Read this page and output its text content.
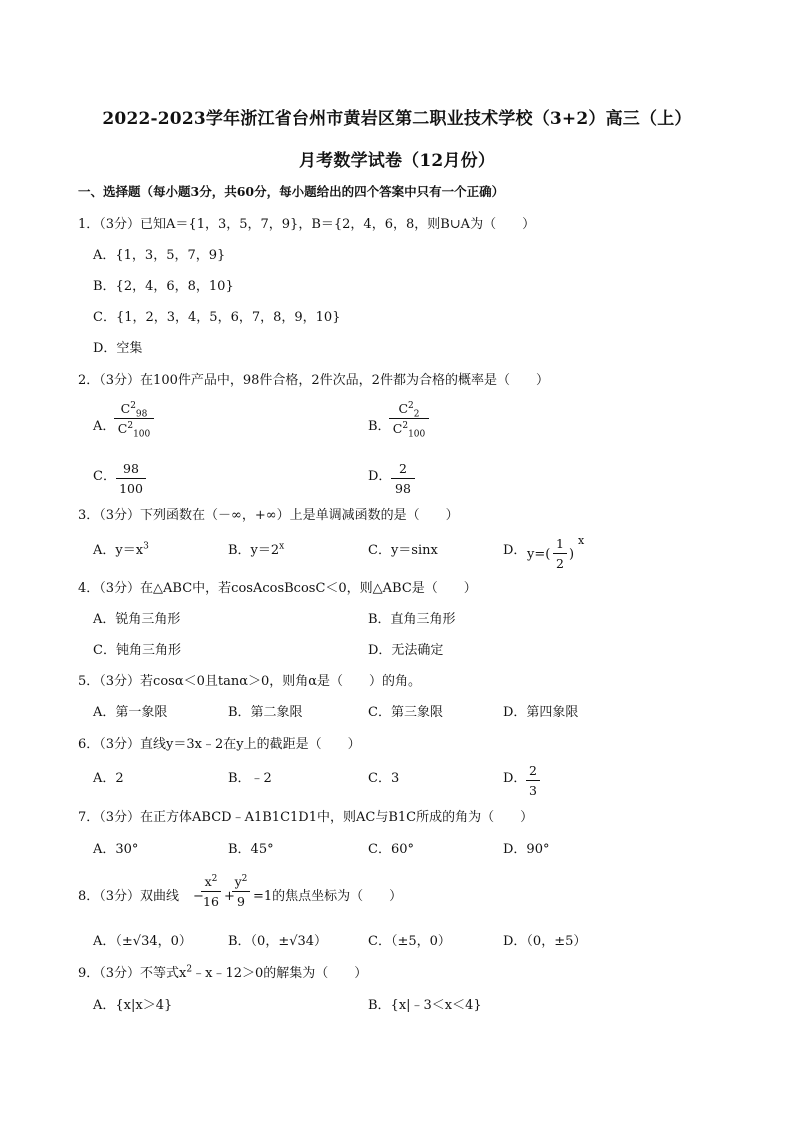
2022-2023学年浙江省台州市黄岩区第二职业技术学校（3+2）高三（上）
月考数学试卷（12月份）
一、选择题（每小题3分，共60分，每小题给出的四个答案中只有一个正确）
1．（3分）已知A＝{1，3，5，7，9}，B＝{2，4，6，8，则B∪A为（　　）
A．{1，3，5，7，9}
B．{2，4，6，8，10}
C．{1，2，3，4，5，6，7，8，9，10}
D．空集
2．（3分）在100件产品中，98件合格，2件次品，2件都为合格的概率是（　　）
A．
$C^2_{98}$
$C^2_{100}$
B．
$C^2_2$
$C^2_{100}$
C．
98
100
D．
2
98
3．（3分）下列函数在（－∞，+∞）上是单调减函数的是（　　）
A．$y=x^3$	B．$y=2^x$	C．y＝sinx	D． y=(
1
2
)
x
4．（3分）在△ABC中，若cosAcosBcosC＜0，则△ABC是（　　）
A．锐角三角形	B．直角三角形
C．钝角三角形	D．无法确定
5．（3分）若cosα＜0且tanα＞0，则角α是（　　）的角。
A．第一象限	B．第二象限	C．第三象限	D．第四象限
6．（3分）直线y＝3x﹣2在y上的截距是（　　）
A．2	B．﹣2	C．3	D．
2
3
7．（3分）在正方体ABCD﹣A1B1C1D1中，则AC与B1C所成的角为（　　）
A．30°	B．45°	C．60°	D．90°
8．（3分）双曲线 −
$x^2$
16 +
$y^2$
9 =1的焦点坐标为（　　）
A．（±√34，0）	B．（0，±√34）	C．（±5，0）	D．（0，±5）
9．（3分）不等式$x^2﹣x﹣12>0$的解集为（　　）
A．{x|x＞4}	B．{x|﹣3＜x＜4}
